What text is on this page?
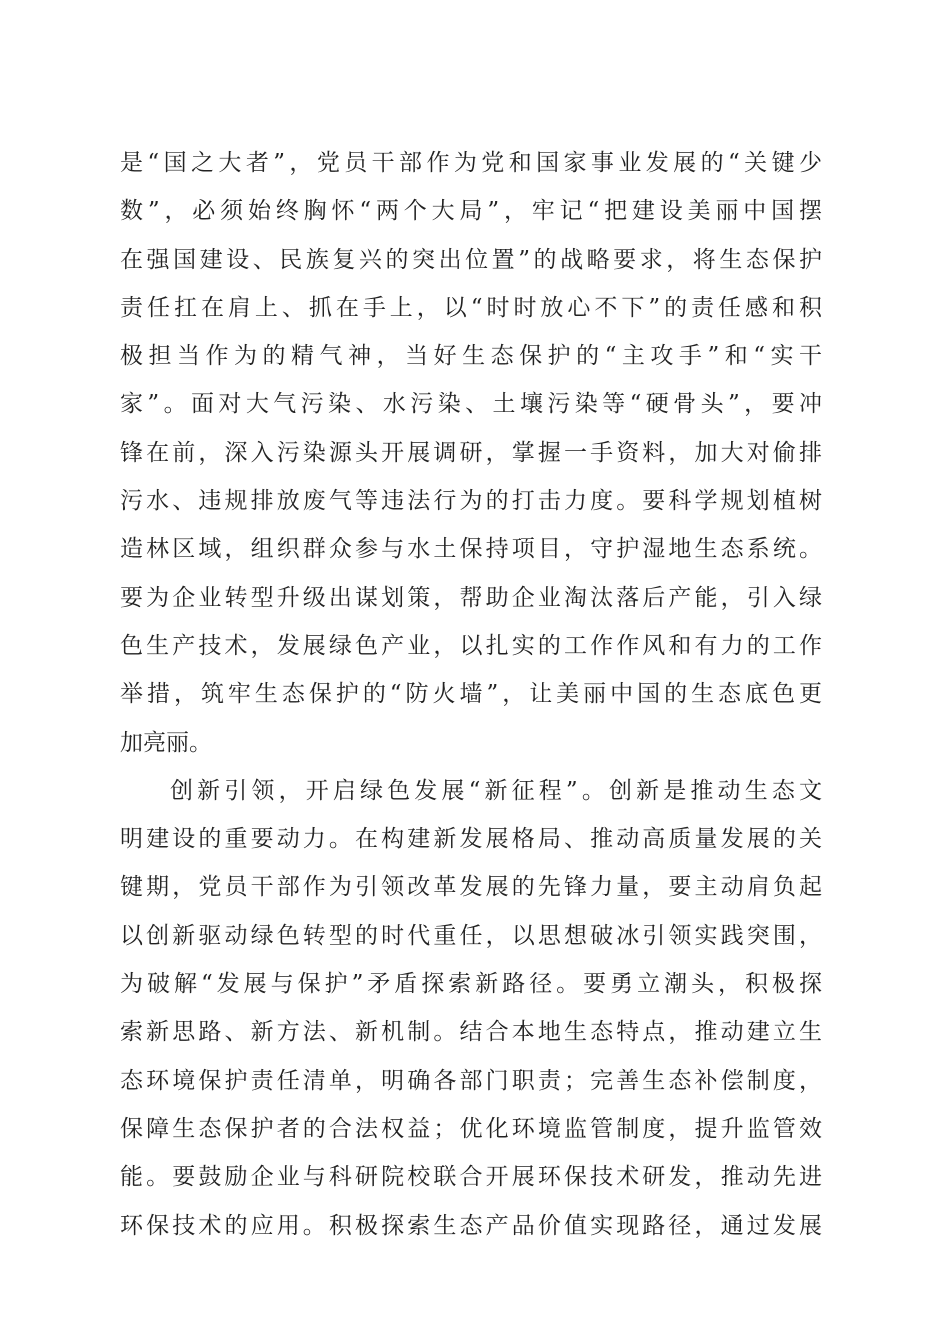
是“国之大者”，党员干部作为党和国家事业发展的“关键少
数”，必须始终胸怀“两个大局”，牢记“把建设美丽中国摆
在强国建设、民族复兴的突出位置”的战略要求，将生态保护
责任扛在肩上、抓在手上，以“时时放心不下”的责任感和积
极担当作为的精气神，当好生态保护的“主攻手”和“实干
家”。面对大气污染、水污染、土壤污染等“硬骨头”，要冲
锋在前，深入污染源头开展调研，掌握一手资料，加大对偷排
污水、违规排放废气等违法行为的打击力度。要科学规划植树
造林区域，组织群众参与水土保持项目，守护湿地生态系统。
要为企业转型升级出谋划策，帮助企业淘汰落后产能，引入绿
色生产技术，发展绿色产业，以扎实的工作作风和有力的工作
举措，筑牢生态保护的“防火墙”，让美丽中国的生态底色更
加亮丽。
创新引领，开启绿色发展“新征程”。创新是推动生态文
明建设的重要动力。在构建新发展格局、推动高质量发展的关
键期，党员干部作为引领改革发展的先锋力量，要主动肩负起
以创新驱动绿色转型的时代重任，以思想破冰引领实践突围，
为破解“发展与保护”矛盾探索新路径。要勇立潮头，积极探
索新思路、新方法、新机制。结合本地生态特点，推动建立生
态环境保护责任清单，明确各部门职责；完善生态补偿制度，
保障生态保护者的合法权益；优化环境监管制度，提升监管效
能。要鼓励企业与科研院校联合开展环保技术研发，推动先进
环保技术的应用。积极探索生态产品价值实现路径，通过发展
